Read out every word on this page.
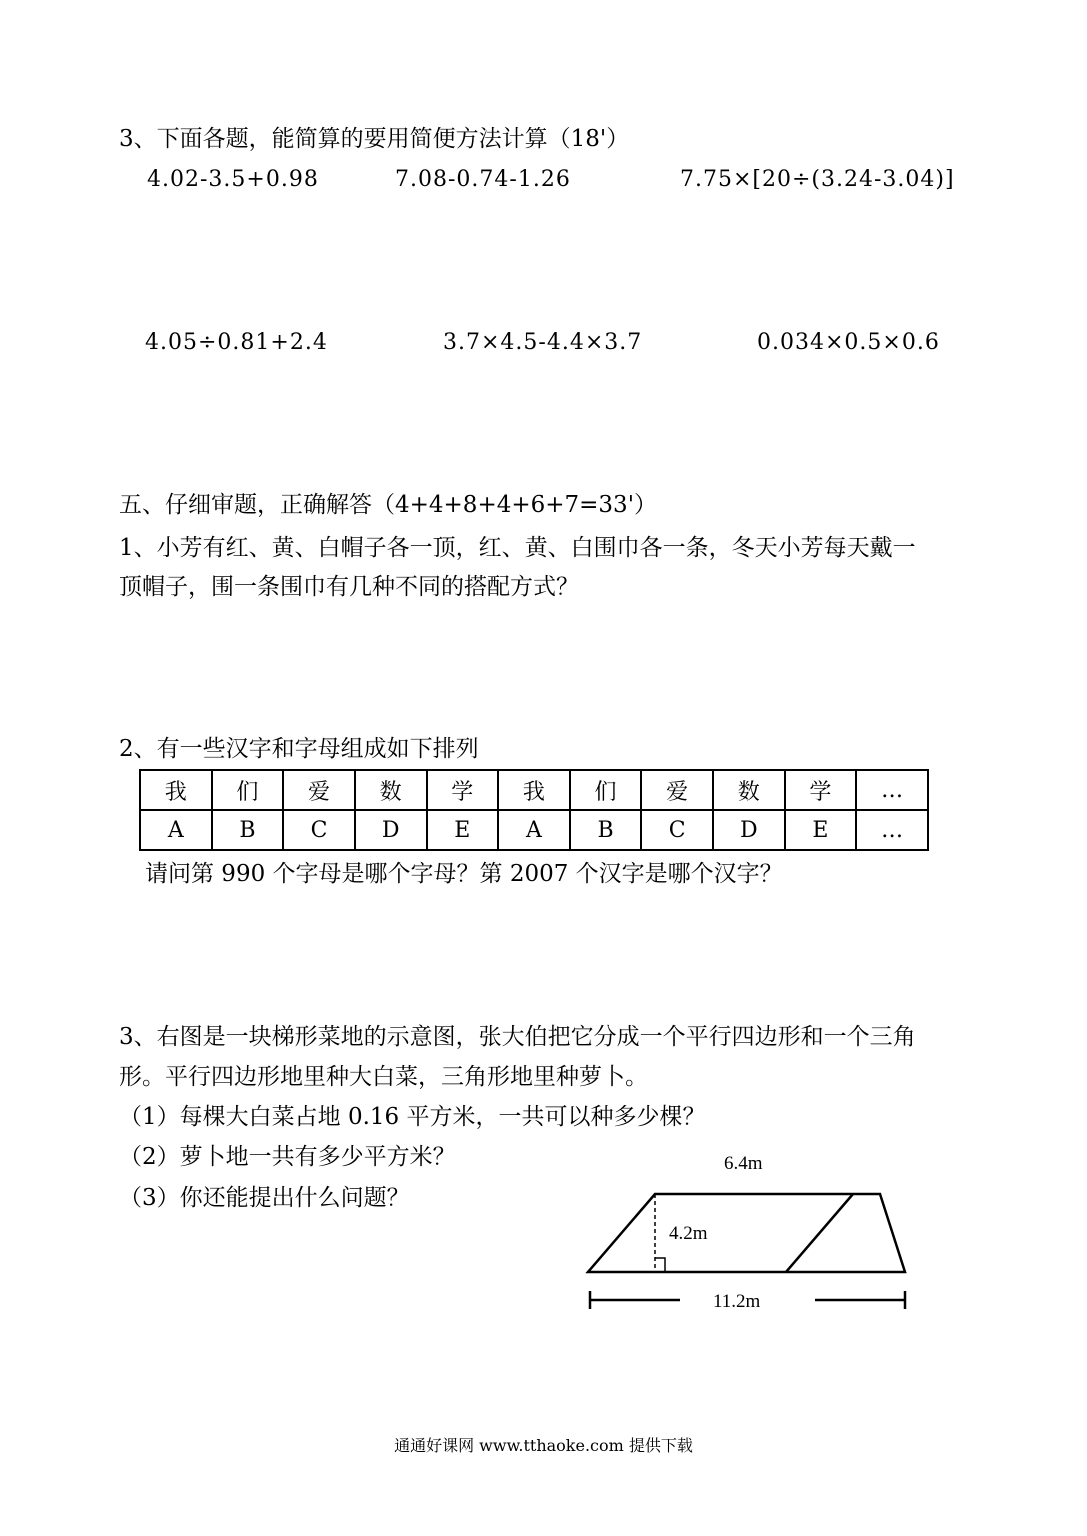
3、下面各题，能简算的要用简便方法计算（18'）
4.02-3.5+0.98	7.08-0.74-1.26	7.75×[20÷(3.24-3.04)]
4.05÷0.81+2.4	3.7×4.5-4.4×3.7	0.034×0.5×0.6
五、仔细审题，正确解答（4+4+8+4+6+7=33'）
1、小芳有红、黄、白帽子各一顶，红、黄、白围巾各一条，冬天小芳每天戴一
顶帽子，围一条围巾有几种不同的搭配方式？
2、有一些汉字和字母组成如下排列
我	们	爱	数	学	我	们	爱	数	学	…
A	B	C	D	E	A	B	C	D	E	…
请问第 990 个字母是哪个字母？第 2007 个汉字是哪个汉字？
3、右图是一块梯形菜地的示意图，张大伯把它分成一个平行四边形和一个三角
形。平行四边形地里种大白菜，三角形地里种萝卜。
（1）每棵大白菜占地 0.16 平方米，一共可以种多少棵？
（2）萝卜地一共有多少平方米？
（3）你还能提出什么问题？
6.4m
4.2m
11.2m
通通好课网 www.tthaoke.com 提供下载
